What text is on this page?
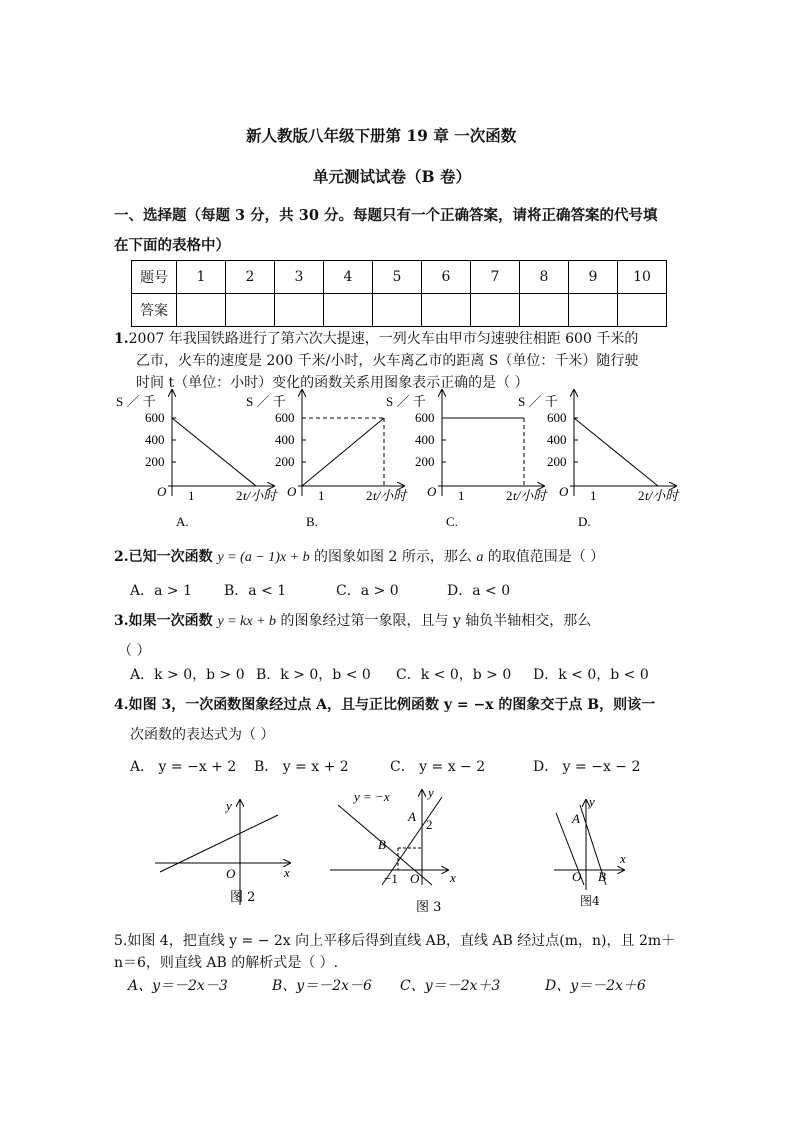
新人教版八年级下册第 19 章 一次函数
单元测试试卷（B 卷）
一、选择题（每题 3 分，共 30 分。每题只有一个正确答案，请将正确答案的代号填
在下面的表格中）
题号	1	2	3	4	5	6	7	8	9	10
答案										
1.2007 年我国铁路进行了第六次大提速，一列火车由甲市匀速驶往相距 600 千米的
乙市，火车的速度是 200 千米/小时，火车离乙市的距离 S（单位：千米）随行驶
时间 t（单位：小时）变化的函数关系用图象表示正确的是（ ）
S ／ 千
600
400
200
O 1	2 t/小时
A.
S ／ 千
600
400
200
O 1	2 t/小时
B.
S ／ 千
600
400
200
O 1	2 t/小时
C.
S ／ 千
600
400
200
O 1	2 t/小时
D.
2.已知一次函数 y = (a − 1)x + b 的图象如图 2 所示，那么 a 的取值范围是（ ）
A．a > 1 B．a < 1	C．a > 0	D．a < 0
3.如果一次函数 y = kx + b 的图象经过第一象限，且与 y 轴负半轴相交，那么
（ ）
A．k > 0，b > 0 B．k > 0，b < 0 C．k < 0，b > 0 D．k < 0，b < 0
4.如图 3，一次函数图象经过点 A，且与正比例函数 y = −x 的图象交于点 B，则该一
次函数的表达式为（ ）
A． y = −x + 2 B． y = x + 2	C． y = x − 2	D． y = −x − 2
y
x
O
图 2
y = −x	y
x
A
2
B
−1 O
图 3
y
x
A
B
O
图4
5.如图 4，把直线 y = − 2x 向上平移后得到直线 AB，直线 AB 经过点(m，n)，且 2m＋
n＝6，则直线 AB 的解析式是（ ）.
A、y＝－2x－3	B、y＝－2x－6 C、y＝－2x＋3	D、y＝－2x＋6
